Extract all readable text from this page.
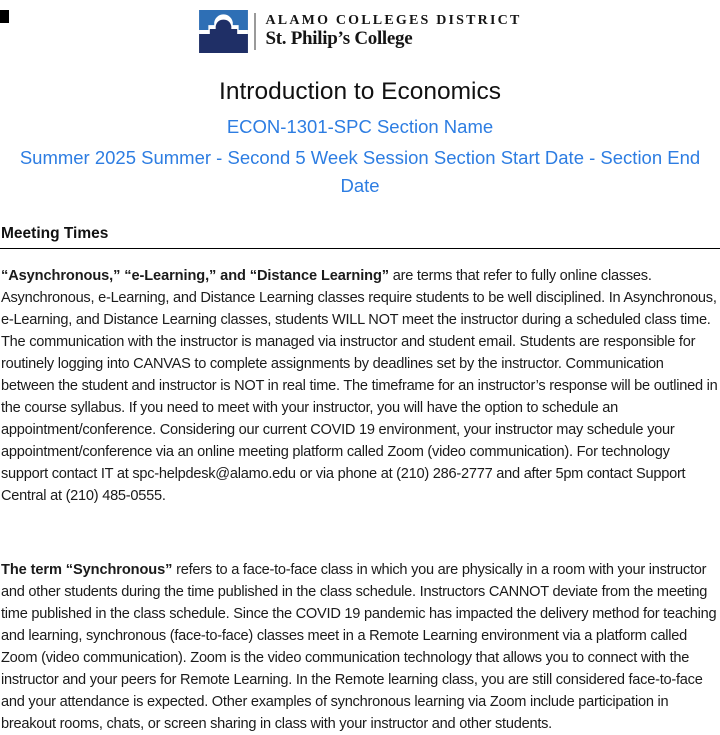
ALAMO COLLEGES DISTRICT
St. Philip’s College
Introduction to Economics
ECON-1301-SPC Section Name
Summer 2025 Summer - Second 5 Week Session Section Start Date - Section End Date
Meeting Times

“Asynchronous,” “e-Learning,” and “Distance Learning” are terms that refer to fully online classes. Asynchronous, e-Learning, and Distance Learning classes require students to be well disciplined. In Asynchronous, e-Learning, and Distance Learning classes, students WILL NOT meet the instructor during a scheduled class time. The communication with the instructor is managed via instructor and student email. Students are responsible for routinely logging into CANVAS to complete assignments by deadlines set by the instructor. Communication between the student and instructor is NOT in real time. The timeframe for an instructor’s response will be outlined in the course syllabus. If you need to meet with your instructor, you will have the option to schedule an appointment/conference. Considering our current COVID 19 environment, your instructor may schedule your appointment/conference via an online meeting platform called Zoom (video communication). For technology support contact IT at spc-helpdesk@alamo.edu or via phone at (210) 286-2777 and after 5pm contact Support Central at (210) 485-0555.

The term “Synchronous” refers to a face-to-face class in which you are physically in a room with your instructor and other students during the time published in the class schedule. Instructors CANNOT deviate from the meeting time published in the class schedule. Since the COVID 19 pandemic has impacted the delivery method for teaching and learning, synchronous (face-to-face) classes meet in a Remote Learning environment via a platform called Zoom (video communication). Zoom is the video communication technology that allows you to connect with the instructor and your peers for Remote Learning. In the Remote learning class, you are still considered face-to-face and your attendance is expected. Other examples of synchronous learning via Zoom include participation in breakout rooms, chats, or screen sharing in class with your instructor and other students.
